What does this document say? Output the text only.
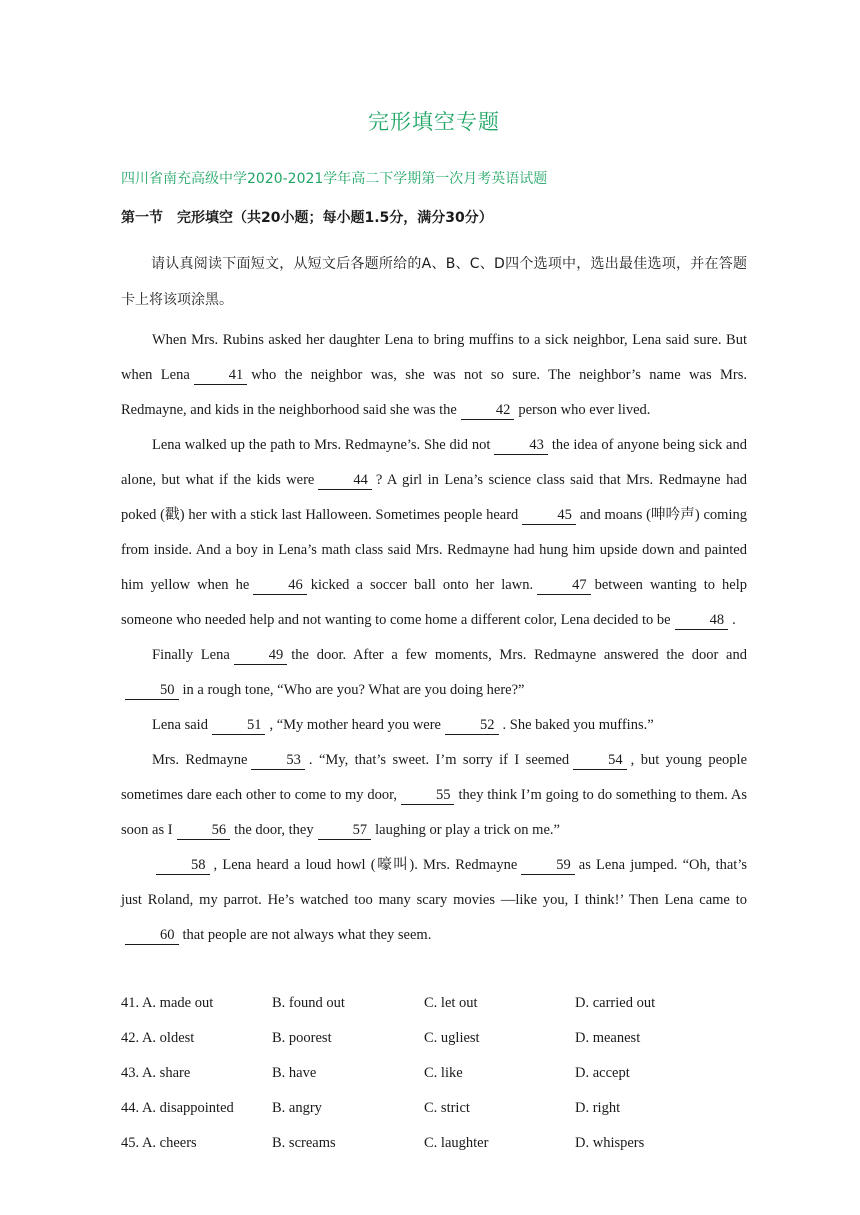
完形填空专题
四川省南充高级中学2020-2021学年高二下学期第一次月考英语试题
第一节　完形填空（共20小题；每小题1.5分，满分30分）
请认真阅读下面短文，从短文后各题所给的A、B、C、D四个选项中，选出最佳选项，并在答题卡上将该项涂黑。

When Mrs. Rubins asked her daughter Lena to bring muffins to a sick neighbor, Lena said sure. But when Lena	41 who the neighbor was, she was not so sure. The neighbor’s name was Mrs. Redmayne, and kids in the neighborhood said she was the	42 person who ever lived.

Lena walked up the path to Mrs. Redmayne’s. She did not	43 the idea of anyone being sick and alone, but what if the kids were	44 ? A girl in Lena’s science class said that Mrs. Redmayne had poked (戳) her with a stick last Halloween. Sometimes people heard	45 and moans (呻吟声) coming from inside. And a boy in Lena’s math class said Mrs. Redmayne had hung him upside down and painted him yellow when he	46 kicked a soccer ball onto her lawn.	47 between wanting to help someone who needed help and not wanting to come home a different color, Lena decided to be	48 .

Finally Lena	49 the door. After a few moments, Mrs. Redmayne answered the door and50 in a rough tone, “Who are you? What are you doing here?”

Lena said	51 , “My mother heard you were	52 . She baked you muffins.”

Mrs. Redmayne	53 . “My, that’s sweet. I’m sorry if I seemed	54 , but young people sometimes dare each other to come to my door,	55 they think I’m going to do something to them. As soon as I	56 the door, they	57 laughing or play a trick on me.”

58 , Lena heard a loud howl (嚎叫). Mrs. Redmayne	59 as Lena jumped. “Oh, that’s just Roland, my parrot. He’s watched too many scary movies —like you, I think!’ Then Lena came to60 that people are not always what they seem.

41. A. made out	B. found out	C. let out	D. carried out
42. A. oldest	B. poorest	C. ugliest	D. meanest
43. A. share	B. have	C. like	D. accept
44. A. disappointed	B. angry	C. strict	D. right
45. A. cheers	B. screams	C. laughter	D. whispers
